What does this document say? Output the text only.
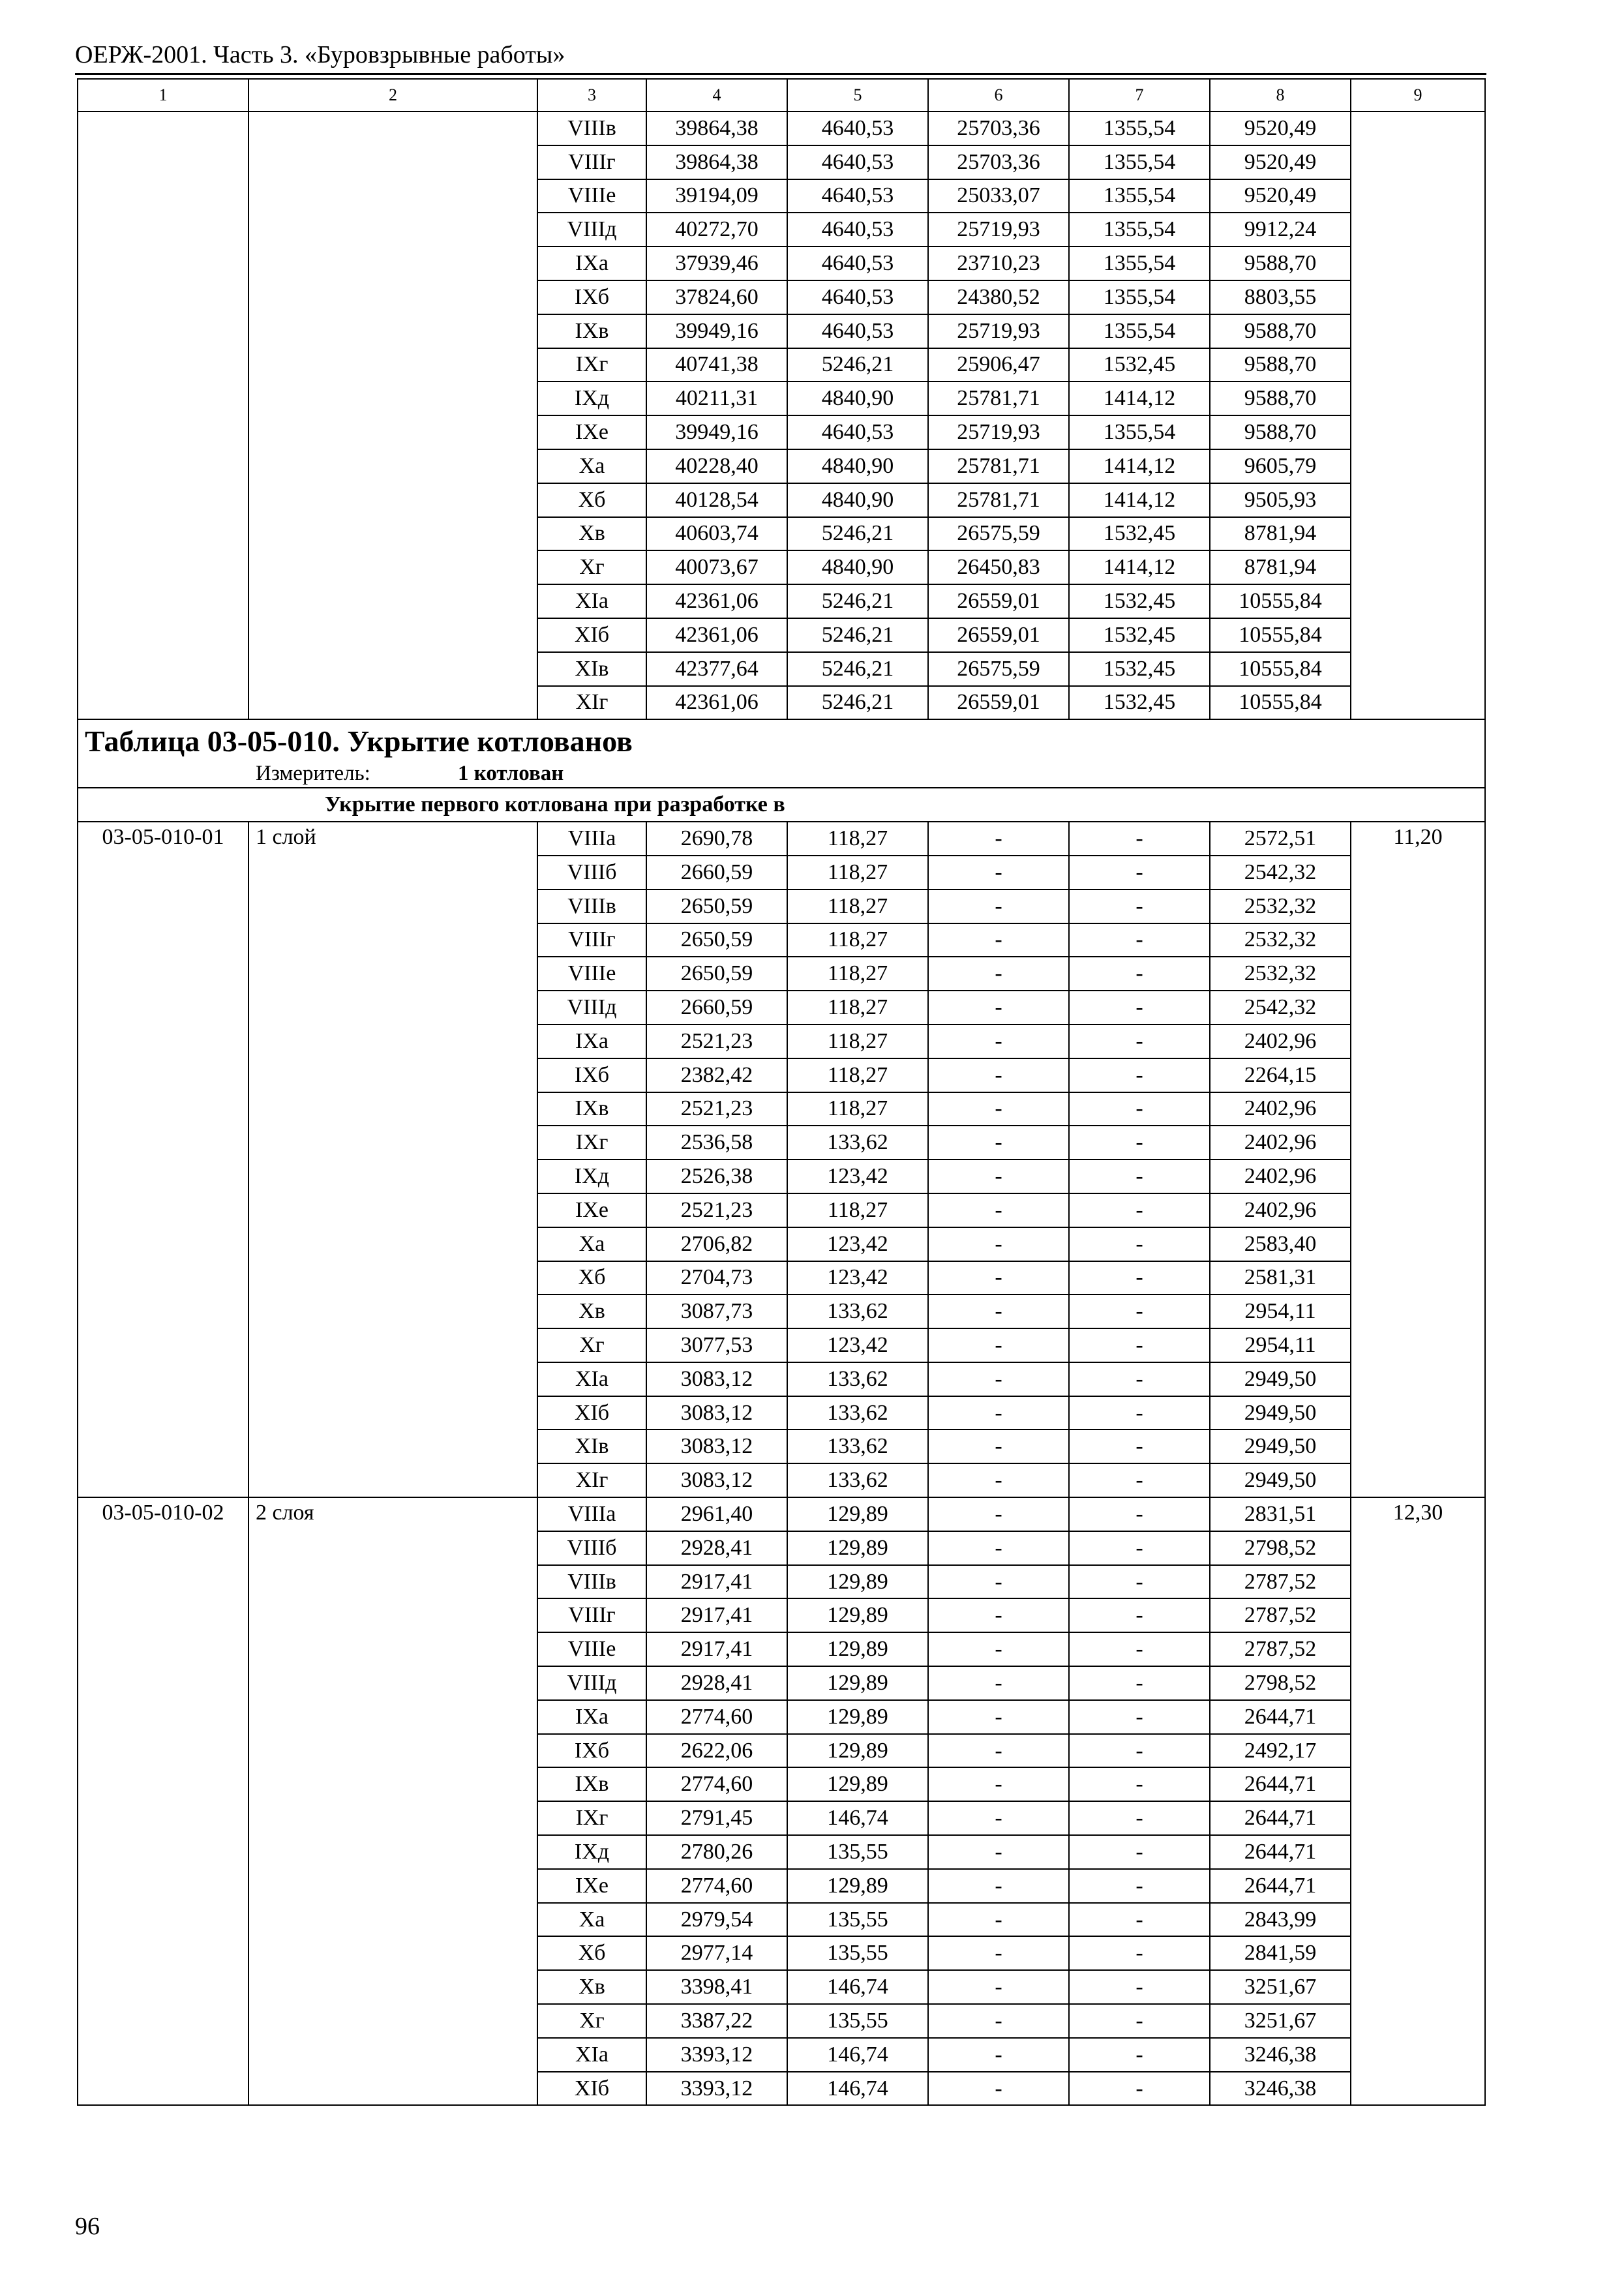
ОЕРЖ-2001. Часть 3. «Буровзрывные работы»
1	2	3	4	5	6	7	8	9
		VIIIв	39864,38	4640,53	25703,36	1355,54	9520,49	
		VIIIг	39864,38	4640,53	25703,36	1355,54	9520,49	
		VIIIе	39194,09	4640,53	25033,07	1355,54	9520,49	
		VIIIд	40272,70	4640,53	25719,93	1355,54	9912,24	
		IXа	37939,46	4640,53	23710,23	1355,54	9588,70	
		IXб	37824,60	4640,53	24380,52	1355,54	8803,55	
		IXв	39949,16	4640,53	25719,93	1355,54	9588,70	
		IXг	40741,38	5246,21	25906,47	1532,45	9588,70	
		IXд	40211,31	4840,90	25781,71	1414,12	9588,70	
		IXе	39949,16	4640,53	25719,93	1355,54	9588,70	
		Xа	40228,40	4840,90	25781,71	1414,12	9605,79	
		Xб	40128,54	4840,90	25781,71	1414,12	9505,93	
		Xв	40603,74	5246,21	26575,59	1532,45	8781,94	
		Xг	40073,67	4840,90	26450,83	1414,12	8781,94	
		XIа	42361,06	5246,21	26559,01	1532,45	10555,84	
		XIб	42361,06	5246,21	26559,01	1532,45	10555,84	
		XIв	42377,64	5246,21	26575,59	1532,45	10555,84	
		XIг	42361,06	5246,21	26559,01	1532,45	10555,84	

Таблица 03-05-010. Укрытие котлованов
Измеритель: 1 котлован								

Укрытие первого котлована при разработке в								
03-05-010-01	1 слой	VIIIа	2690,78	118,27	-	-	2572,51	11,20
		VIIIб	2660,59	118,27	-	-	2542,32	
		VIIIв	2650,59	118,27	-	-	2532,32	
		VIIIг	2650,59	118,27	-	-	2532,32	
		VIIIе	2650,59	118,27	-	-	2532,32	
		VIIIд	2660,59	118,27	-	-	2542,32	
		IXа	2521,23	118,27	-	-	2402,96	
		IXб	2382,42	118,27	-	-	2264,15	
		IXв	2521,23	118,27	-	-	2402,96	
		IXг	2536,58	133,62	-	-	2402,96	
		IXд	2526,38	123,42	-	-	2402,96	
		IXе	2521,23	118,27	-	-	2402,96	
		Xа	2706,82	123,42	-	-	2583,40	
		Xб	2704,73	123,42	-	-	2581,31	
		Xв	3087,73	133,62	-	-	2954,11	
		Xг	3077,53	123,42	-	-	2954,11	
		XIа	3083,12	133,62	-	-	2949,50	
		XIб	3083,12	133,62	-	-	2949,50	
		XIв	3083,12	133,62	-	-	2949,50	
		XIг	3083,12	133,62	-	-	2949,50	
03-05-010-02	2 слоя	VIIIа	2961,40	129,89	-	-	2831,51	12,30
		VIIIб	2928,41	129,89	-	-	2798,52	
		VIIIв	2917,41	129,89	-	-	2787,52	
		VIIIг	2917,41	129,89	-	-	2787,52	
		VIIIе	2917,41	129,89	-	-	2787,52	
		VIIIд	2928,41	129,89	-	-	2798,52	
		IXа	2774,60	129,89	-	-	2644,71	
		IXб	2622,06	129,89	-	-	2492,17	
		IXв	2774,60	129,89	-	-	2644,71	
		IXг	2791,45	146,74	-	-	2644,71	
		IXд	2780,26	135,55	-	-	2644,71	
		IXе	2774,60	129,89	-	-	2644,71	
		Xа	2979,54	135,55	-	-	2843,99	
		Xб	2977,14	135,55	-	-	2841,59	
		Xв	3398,41	146,74	-	-	3251,67	
		Xг	3387,22	135,55	-	-	3251,67	
		XIа	3393,12	146,74	-	-	3246,38	
		XIб	3393,12	146,74	-	-	3246,38	
96
